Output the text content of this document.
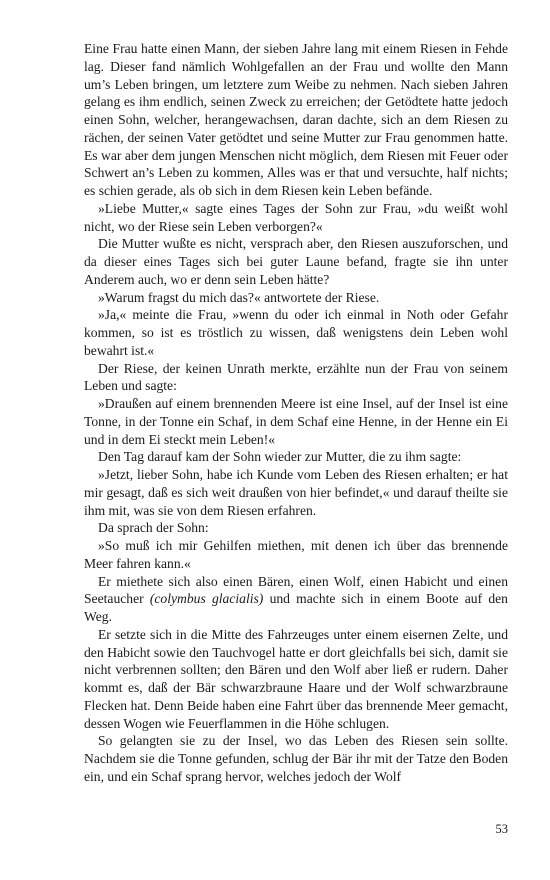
Eine Frau hatte einen Mann, der sieben Jahre lang mit einem Riesen in Fehde lag. Dieser fand nämlich Wohlgefallen an der Frau und wollte den Mann um’s Leben bringen, um letztere zum Weibe zu nehmen. Nach sieben Jahren gelang es ihm endlich, seinen Zweck zu erreichen; der Getödtete hatte jedoch einen Sohn, welcher, herangewachsen, daran dachte, sich an dem Riesen zu rächen, der seinen Vater getödtet und seine Mutter zur Frau genommen hatte. Es war aber dem jungen Menschen nicht möglich, dem Riesen mit Feuer oder Schwert an’s Leben zu kommen, Alles was er that und versuchte, half nichts; es schien gerade, als ob sich in dem Riesen kein Leben befände.

»Liebe Mutter,« sagte eines Tages der Sohn zur Frau, »du weißt wohl nicht, wo der Riese sein Leben verborgen?«

Die Mutter wußte es nicht, versprach aber, den Riesen auszuforschen, und da dieser eines Tages sich bei guter Laune befand, fragte sie ihn unter Anderem auch, wo er denn sein Leben hätte?

»Warum fragst du mich das?« antwortete der Riese.

»Ja,« meinte die Frau, »wenn du oder ich einmal in Noth oder Gefahr kommen, so ist es tröstlich zu wissen, daß wenigstens dein Leben wohl bewahrt ist.«

Der Riese, der keinen Unrath merkte, erzählte nun der Frau von seinem Leben und sagte:

»Draußen auf einem brennenden Meere ist eine Insel, auf der Insel ist eine Tonne, in der Tonne ein Schaf, in dem Schaf eine Henne, in der Henne ein Ei und in dem Ei steckt mein Leben!«

Den Tag darauf kam der Sohn wieder zur Mutter, die zu ihm sagte:

»Jetzt, lieber Sohn, habe ich Kunde vom Leben des Riesen erhalten; er hat mir gesagt, daß es sich weit draußen von hier befindet,« und darauf theilte sie ihm mit, was sie von dem Riesen erfahren.

Da sprach der Sohn:

»So muß ich mir Gehilfen miethen, mit denen ich über das brennende Meer fahren kann.«

Er miethete sich also einen Bären, einen Wolf, einen Habicht und einen Seetaucher (colymbus glacialis) und machte sich in einem Boote auf den Weg.

Er setzte sich in die Mitte des Fahrzeuges unter einem eisernen Zelte, und den Habicht sowie den Tauchvogel hatte er dort gleichfalls bei sich, damit sie nicht verbrennen sollten; den Bären und den Wolf aber ließ er rudern. Daher kommt es, daß der Bär schwarzbraune Haare und der Wolf schwarzbraune Flecken hat. Denn Beide haben eine Fahrt über das brennende Meer gemacht, dessen Wogen wie Feuerflammen in die Höhe schlugen.

So gelangten sie zu der Insel, wo das Leben des Riesen sein sollte. Nachdem sie die Tonne gefunden, schlug der Bär ihr mit der Tatze den Boden ein, und ein Schaf sprang hervor, welches jedoch der Wolf

53
